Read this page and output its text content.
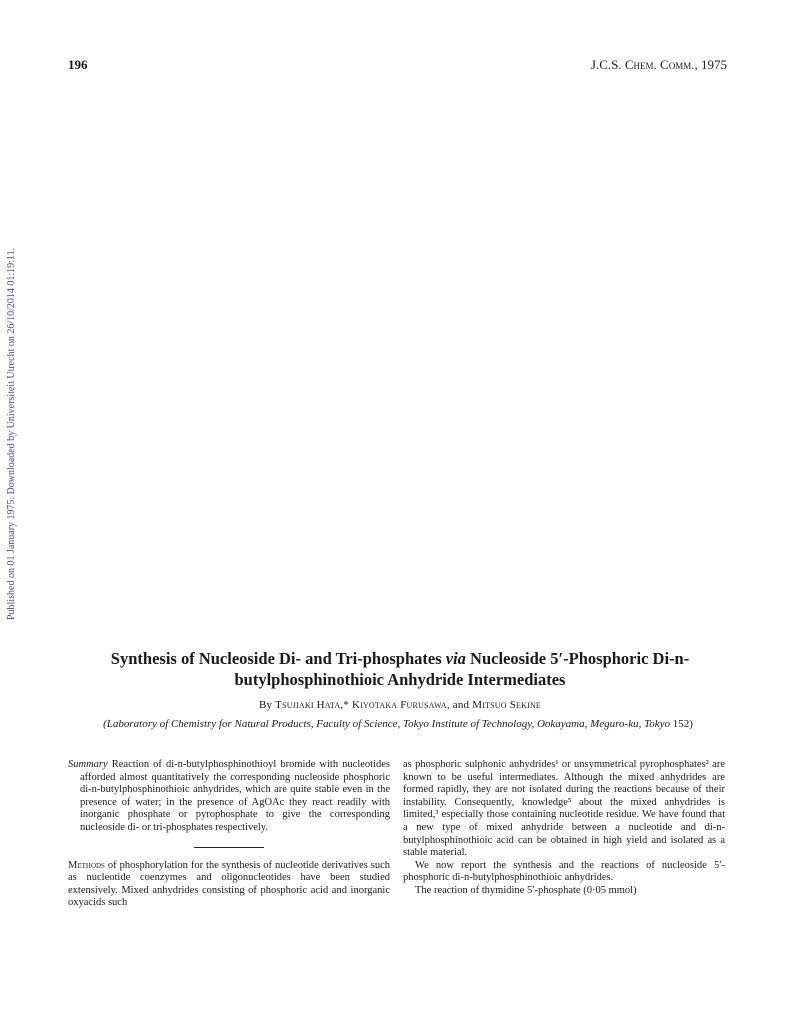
196	J.C.S. Chem. Comm., 1975
Published on 01 January 1975. Downloaded by Universiteit Utrecht on 26/10/2014 01:19:11.
Synthesis of Nucleoside Di- and Tri-phosphates via Nucleoside 5′-Phosphoric Di-n-butylphosphinothioic Anhydride Intermediates
By Tsujiaki Hata,* Kiyotaka Furusawa, and Mitsuo Sekine
(Laboratory of Chemistry for Natural Products, Faculty of Science, Tokyo Institute of Technology, Ookayama, Meguro-ku, Tokyo 152)

Summary Reaction of di-n-butylphosphinothioyl bromide with nucleotides afforded almost quantitatively the corresponding nucleoside phosphoric di-n-butylphosphinothioic anhydrides, which are quite stable even in the presence of water; in the presence of AgOAc they react readily with inorganic phosphate or pyrophosphate to give the corresponding nucleoside di- or tri-phosphates respectively.

Methods of phosphorylation for the synthesis of nucleotide derivatives such as nucleotide coenzymes and oligonucleotides have been studied extensively. Mixed anhydrides consisting of phosphoric acid and inorganic oxyacids such

as phosphoric sulphonic anhydrides¹ or unsymmetrical pyrophosphates² are known to be useful intermediates. Although the mixed anhydrides are formed rapidly, they are not isolated during the reactions because of their instability. Consequently, knowledge⁵ about the mixed anhydrides is limited,³ especially those containing nucleotide residue. We have found that a new type of mixed anhydride between a nucleotide and di-n-butylphosphinothioic acid can be obtained in high yield and isolated as a stable material.

We now report the synthesis and the reactions of nucleoside 5′-phosphoric di-n-butylphosphinothioic anhydrides.

The reaction of thymidine 5′-phosphate (0·05 mmol)
